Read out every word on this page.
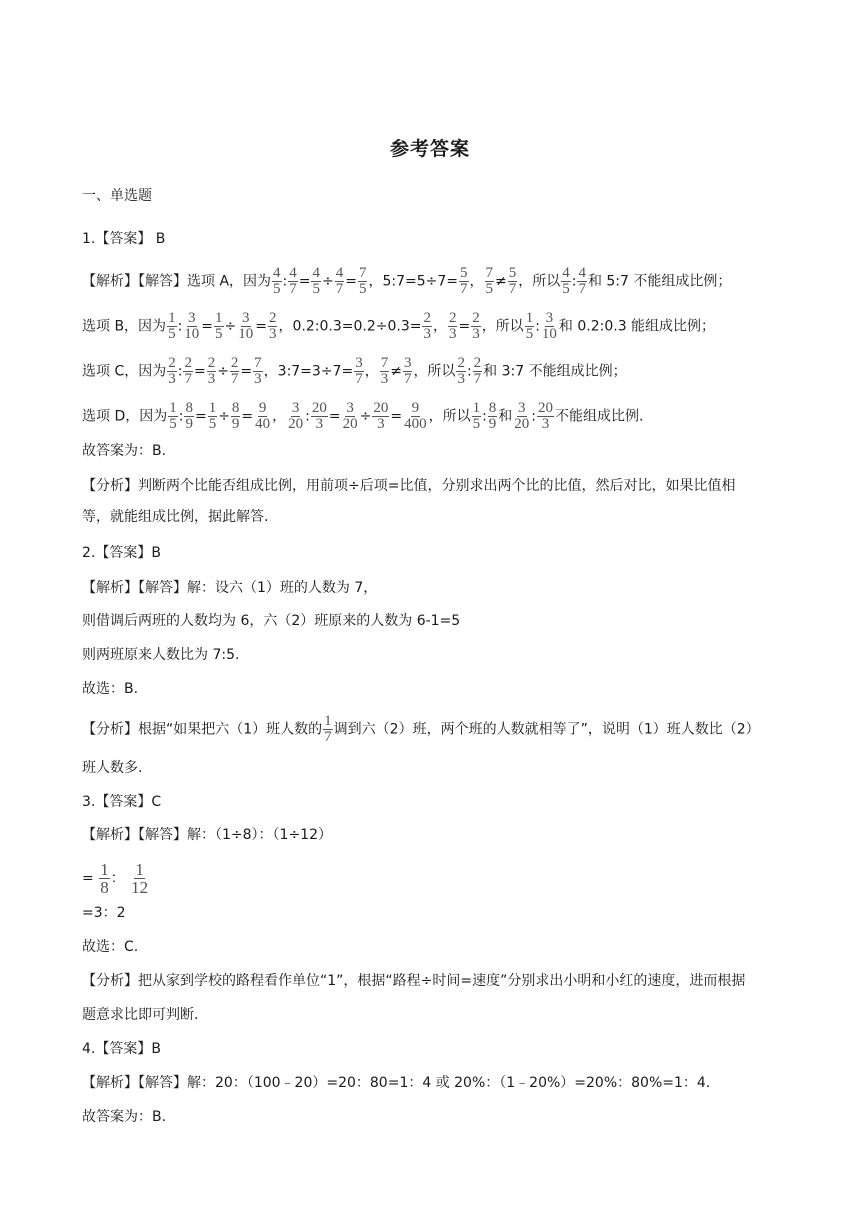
参考答案
一、单选题
1.【答案】 B
【解析】【解答】选项 A，因为 $\frac{4}{5}$ : $\frac{4}{7} = \frac{4}{5} \div \frac{4}{7} = \frac{7}{5}$ ，5:7=5÷7= $\frac{5}{7}$ ， $\frac{7}{5} \ne \frac{5}{7}$ ，所以 $\frac{4}{5}$ : $\frac{4}{7}$ 和 5:7 不能组成比例；
选项 B，因为 $\frac{1}{5}$ : $\frac{3}{10} = \frac{1}{5} \div \frac{3}{10} = \frac{2}{3}$ ，0.2:0.3=0.2÷0.3= $\frac{2}{3}$ ， $\frac{2}{3} = \frac{2}{3}$ ，所以 $\frac{1}{5}$ : $\frac{3}{10}$ 和 0.2:0.3 能组成比例；
选项 C，因为 $\frac{2}{3}$ : $\frac{2}{7} = \frac{2}{3} \div \frac{2}{7} = \frac{7}{3}$ ，3:7=3÷7= $\frac{3}{7}$ ， $\frac{7}{3} \ne \frac{3}{7}$ ，所以 $\frac{2}{3}$ : $\frac{2}{7}$ 和 3:7 不能组成比例；
选项 D，因为 $\frac{1}{5}$ : $\frac{8}{9} = \frac{1}{5} \div \frac{8}{9} = \frac{9}{40}$ ， $\frac{3}{20}$ : $\frac{20}{3} = \frac{3}{20} \div \frac{20}{3} = \frac{9}{400}$ ，所以 $\frac{1}{5}$ : $\frac{8}{9}$ 和 $\frac{3}{20}$ : $\frac{20}{3}$ 不能组成比例.
故答案为：B.
【分析】判断两个比能否组成比例，用前项÷后项=比值，分别求出两个比的比值，然后对比，如果比值相
等，就能组成比例，据此解答.
2.【答案】B
【解析】【解答】解：设六（1）班的人数为 7，
则借调后两班的人数均为 6，六（2）班原来的人数为 6-1=5
则两班原来人数比为 7:5.
故选：B.
【分析】根据“如果把六（1）班人数的 $\frac{1}{7}$ 调到六（2）班，两个班的人数就相等了”，说明（1）班人数比（2）
班人数多.
3.【答案】C
【解析】【解答】解：（1÷8）：（1÷12）
= $\frac{1}{8}$ ： $\frac{1}{12}$
=3：2
故选：C.
【分析】把从家到学校的路程看作单位“1”，根据“路程÷时间=速度”分别求出小明和小红的速度，进而根据
题意求比即可判断.
4.【答案】B
【解析】【解答】解：20：（100﹣20）=20：80=1：4 或 20%：（1﹣20%）=20%：80%=1：4.
故答案为：B.
